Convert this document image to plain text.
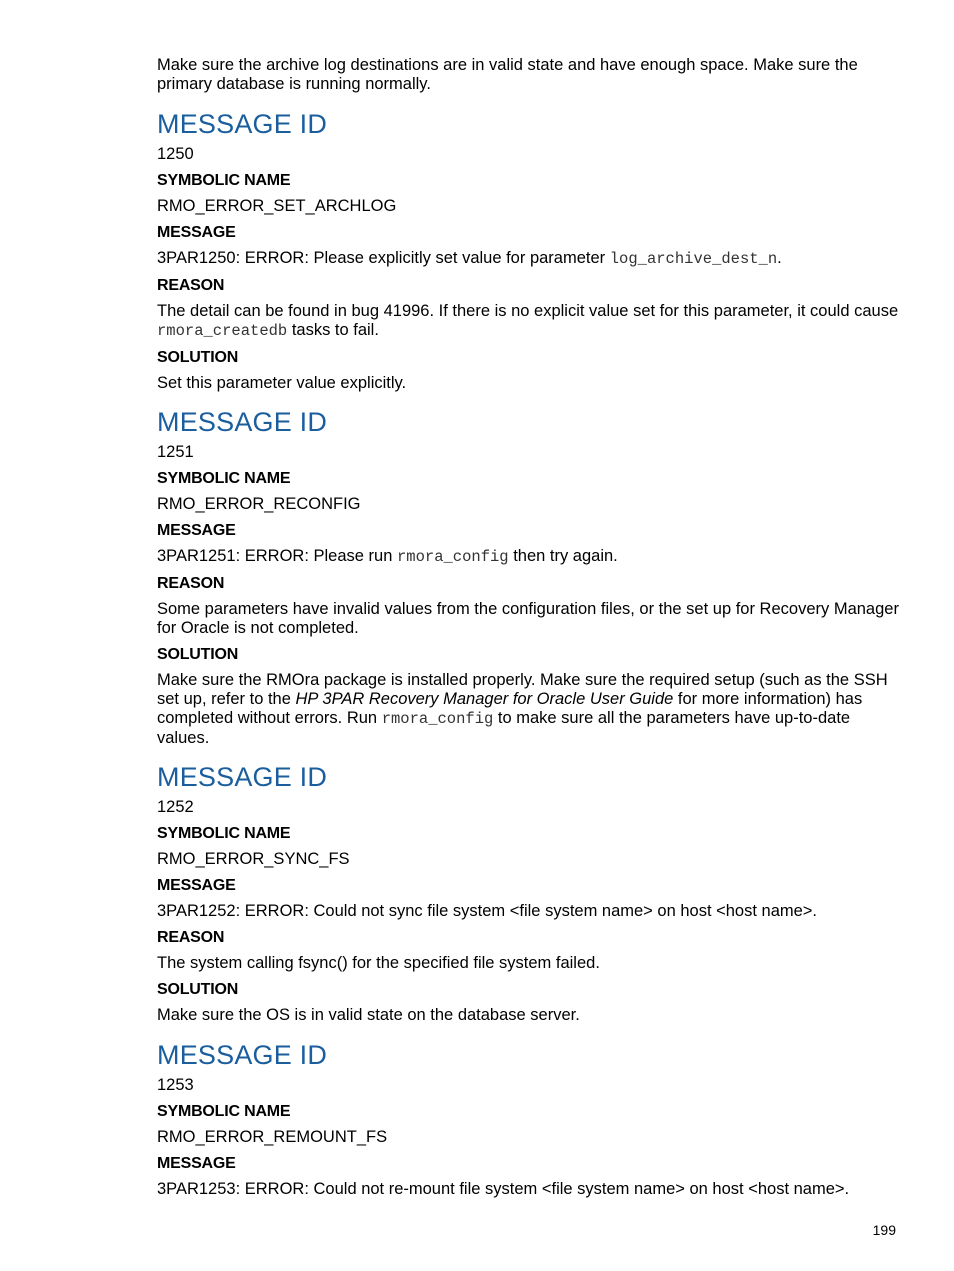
Make sure the archive log destinations are in valid state and have enough space. Make sure the primary database is running normally.
MESSAGE ID
1250
SYMBOLIC NAME
RMO_ERROR_SET_ARCHLOG
MESSAGE
3PAR1250: ERROR: Please explicitly set value for parameter log_archive_dest_n.
REASON
The detail can be found in bug 41996. If there is no explicit value set for this parameter, it could cause rmora_createdb tasks to fail.
SOLUTION
Set this parameter value explicitly.
MESSAGE ID
1251
SYMBOLIC NAME
RMO_ERROR_RECONFIG
MESSAGE
3PAR1251: ERROR: Please run rmora_config then try again.
REASON
Some parameters have invalid values from the configuration files, or the set up for Recovery Manager for Oracle is not completed.
SOLUTION
Make sure the RMOra package is installed properly. Make sure the required setup (such as the SSH set up, refer to the HP 3PAR Recovery Manager for Oracle User Guide for more information) has completed without errors. Run rmora_config to make sure all the parameters have up-to-date values.
MESSAGE ID
1252
SYMBOLIC NAME
RMO_ERROR_SYNC_FS
MESSAGE
3PAR1252: ERROR: Could not sync file system <file system name> on host <host name>.
REASON
The system calling fsync() for the specified file system failed.
SOLUTION
Make sure the OS is in valid state on the database server.
MESSAGE ID
1253
SYMBOLIC NAME
RMO_ERROR_REMOUNT_FS
MESSAGE
3PAR1253: ERROR: Could not re-mount file system <file system name> on host <host name>.
199
